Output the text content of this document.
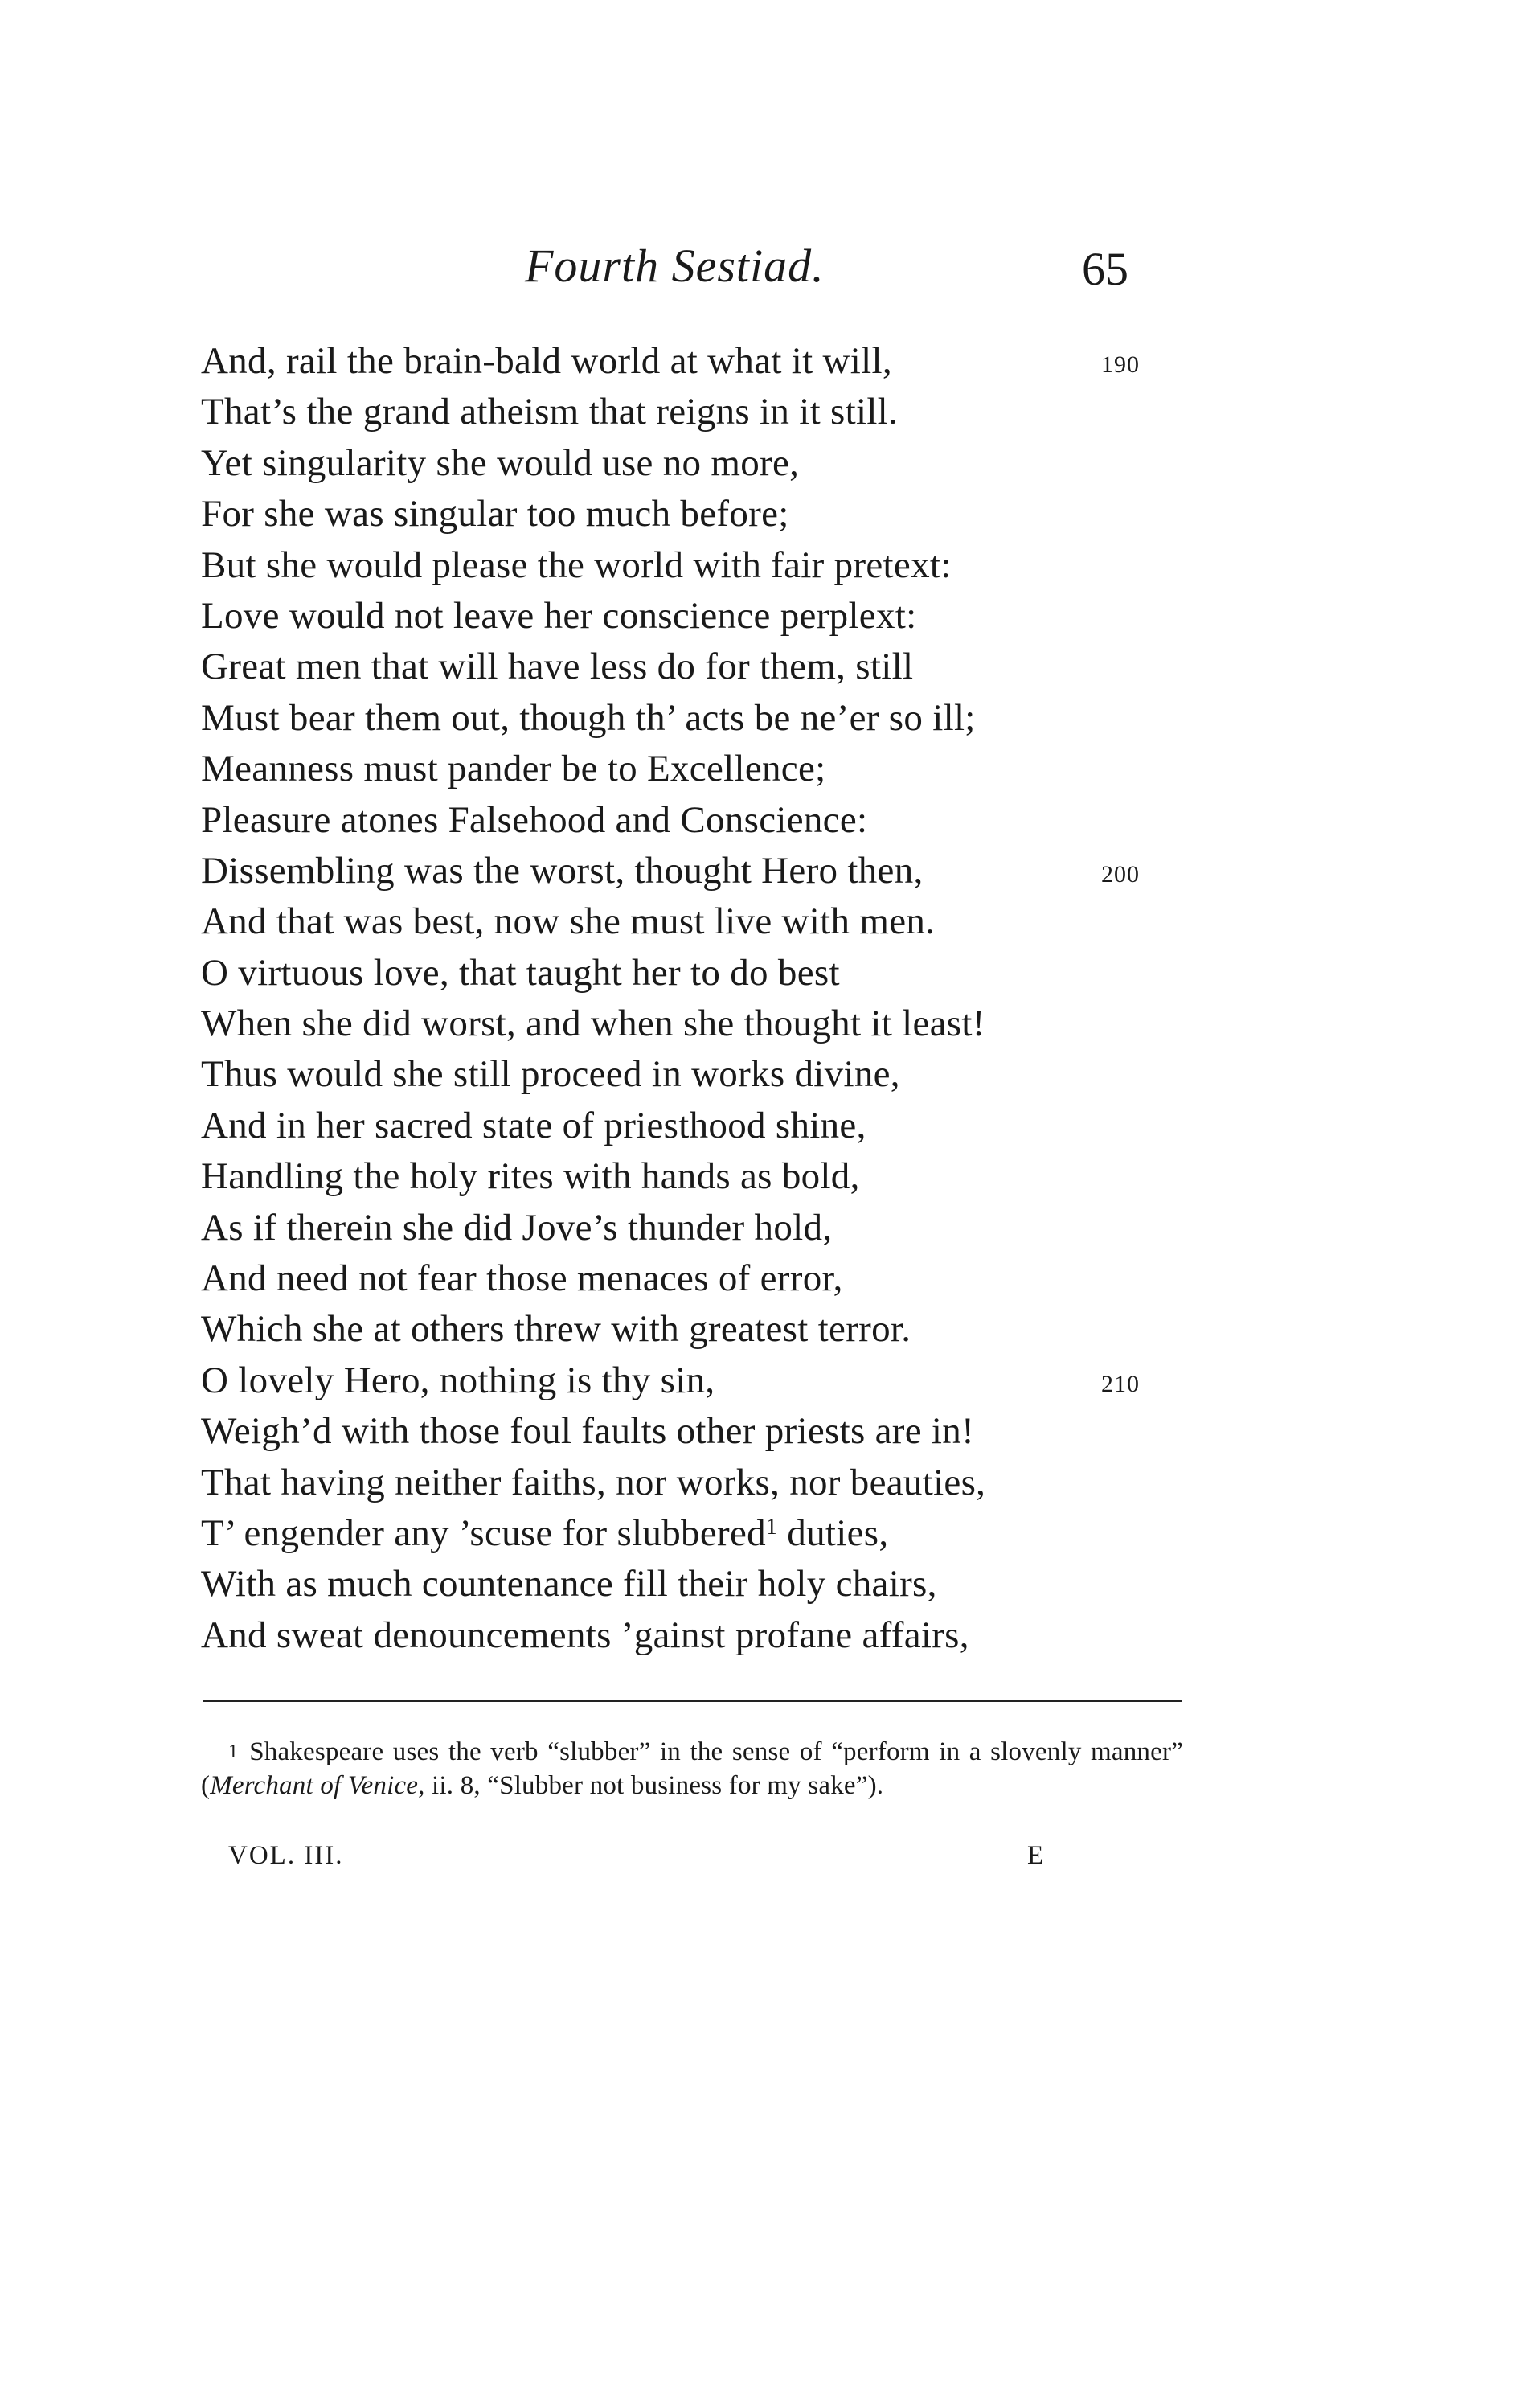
Fourth Sestiad.	65
And, rail the brain-bald world at what it will,	190
That’s the grand atheism that reigns in it still.
Yet singularity she would use no more,
For she was singular too much before;
But she would please the world with fair pretext:
Love would not leave her conscience perplext:
Great men that will have less do for them, still
Must bear them out, though th’ acts be ne’er so ill;
Meanness must pander be to Excellence;
Pleasure atones Falsehood and Conscience:
Dissembling was the worst, thought Hero then,	200
And that was best, now she must live with men.
O virtuous love, that taught her to do best
When she did worst, and when she thought it least!
Thus would she still proceed in works divine,
And in her sacred state of priesthood shine,
Handling the holy rites with hands as bold,
As if therein she did Jove’s thunder hold,
And need not fear those menaces of error,
Which she at others threw with greatest terror.
O lovely Hero, nothing is thy sin,	210
Weigh’d with those foul faults other priests are in!
That having neither faiths, nor works, nor beauties,
T’ engender any ’scuse for slubbered$^1$ duties,
With as much countenance fill their holy chairs,
And sweat denouncements ’gainst profane affairs,
1 Shakespeare uses the verb “slubber” in the sense of “perform in a slovenly manner” (Merchant of Venice, ii. 8, “Slubber not business for my sake”).
VOL. III.	E
